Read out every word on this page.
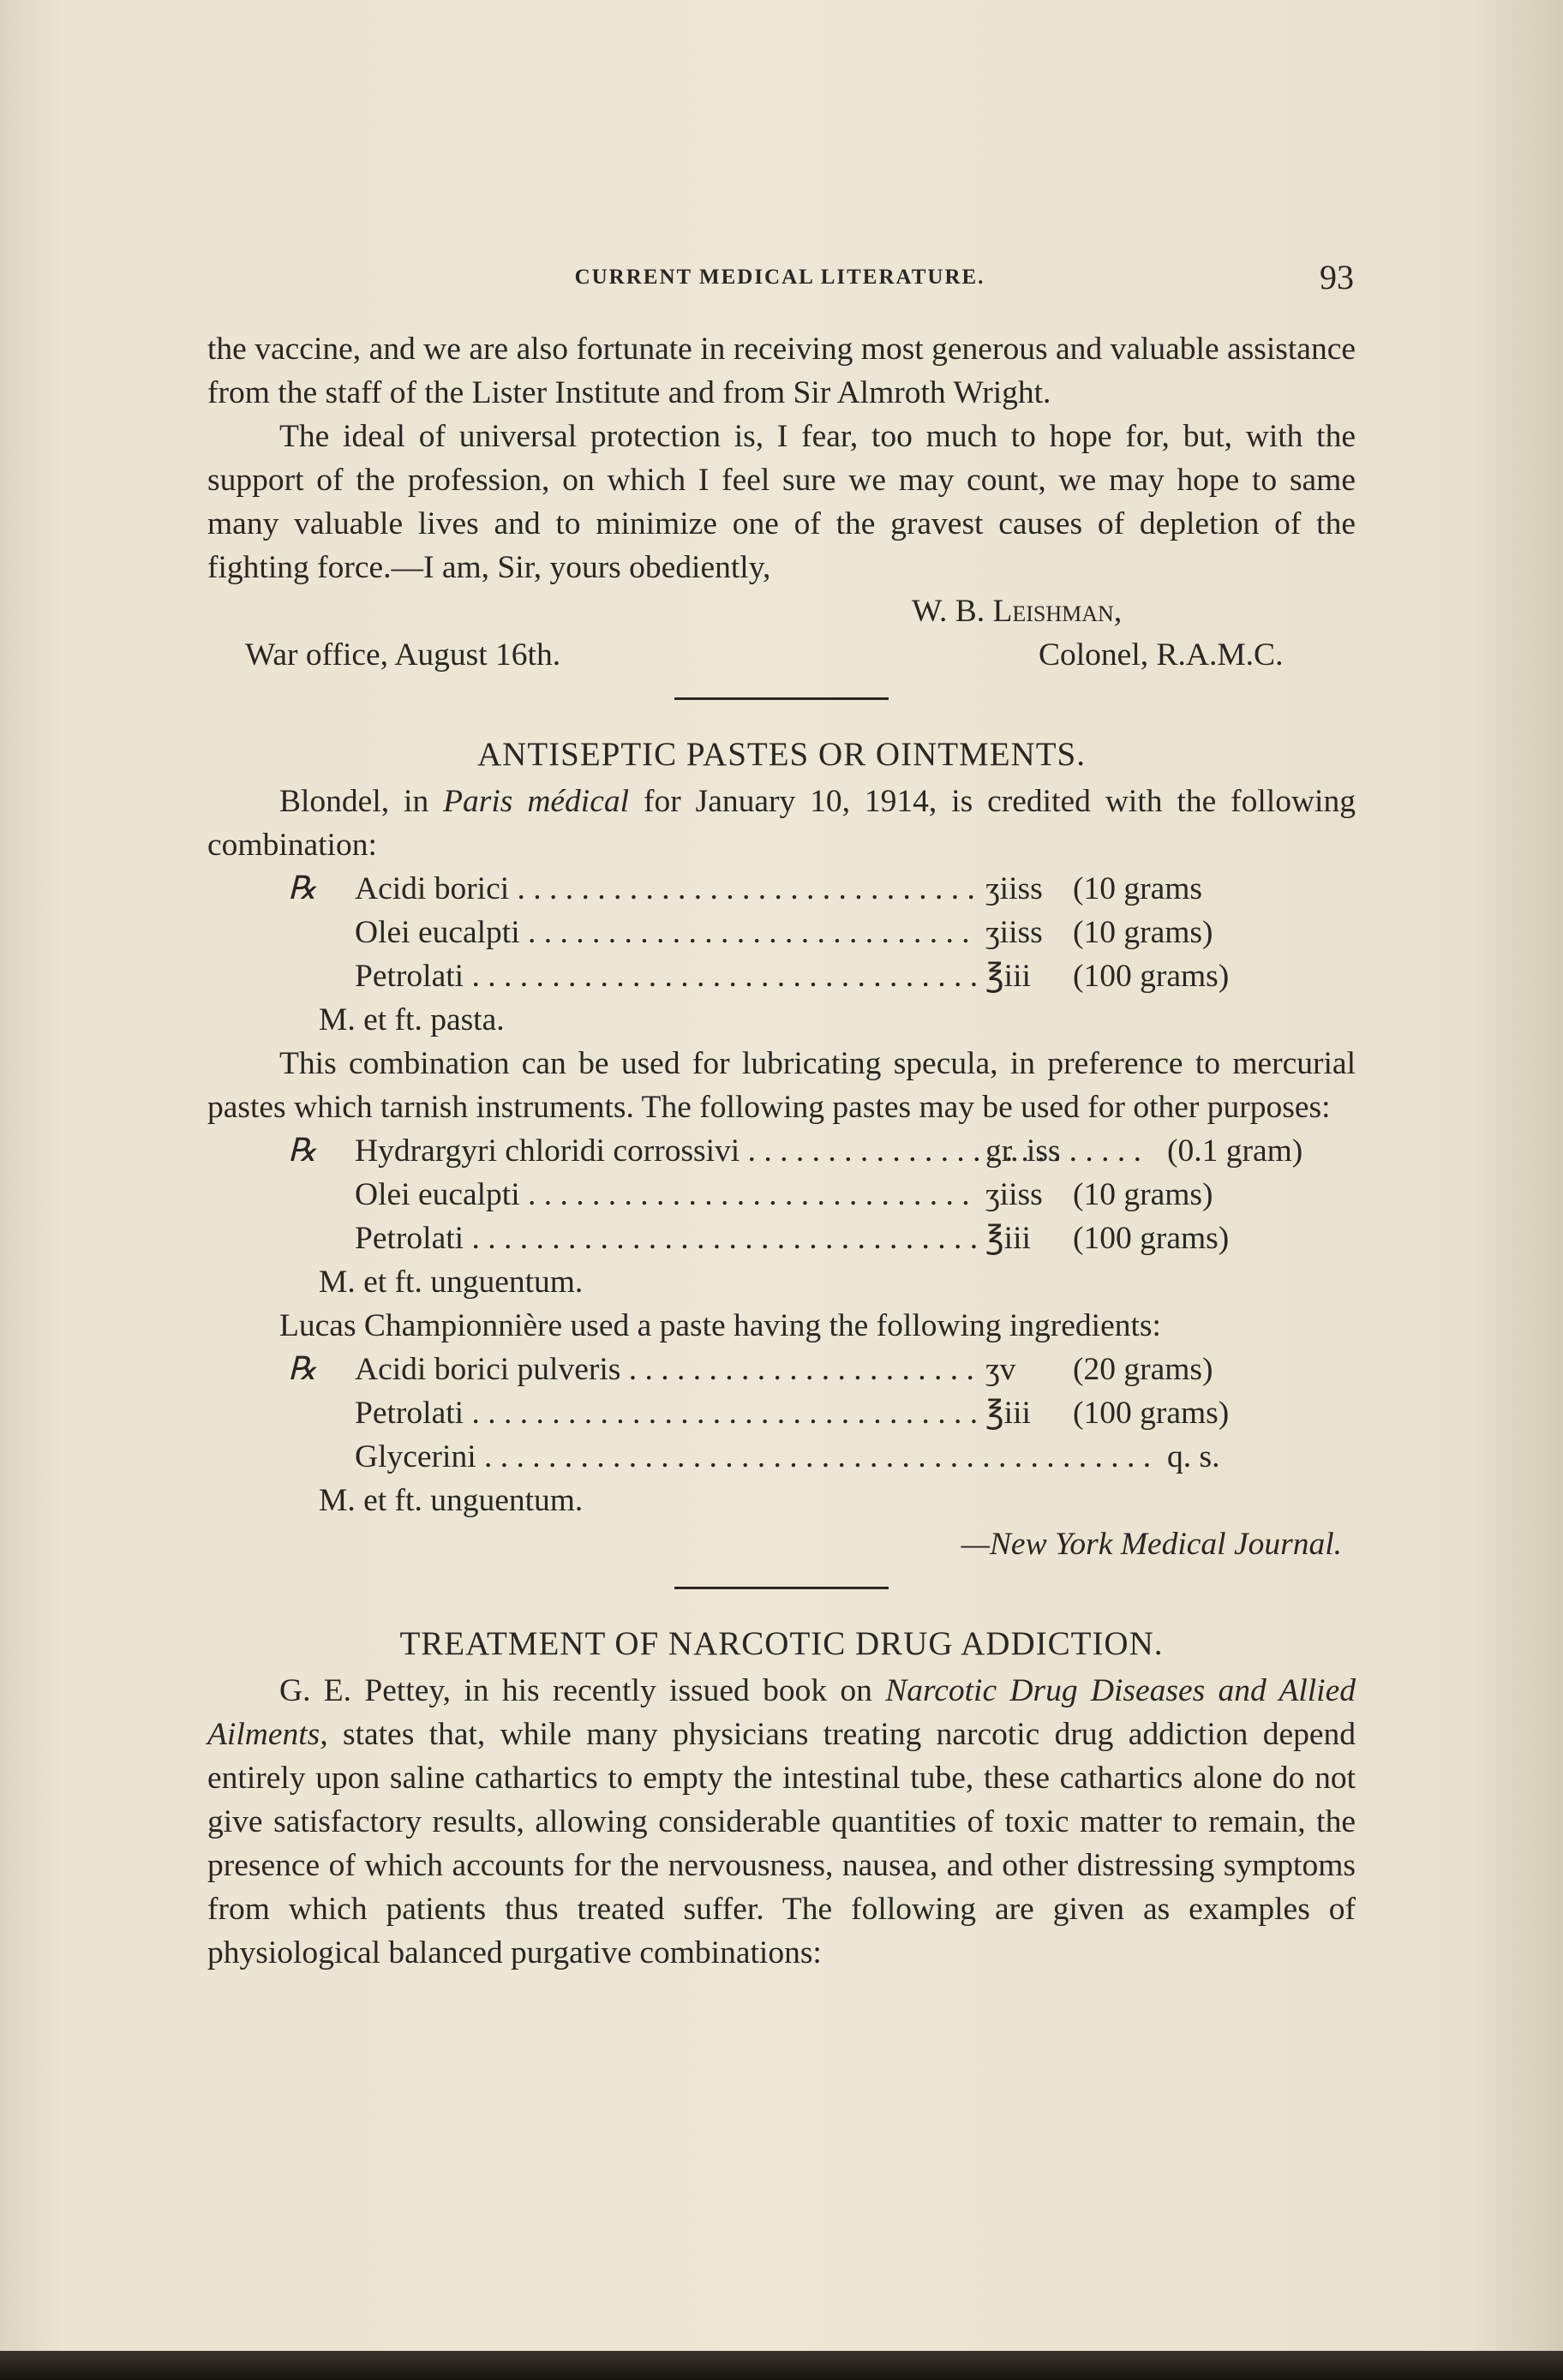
CURRENT MEDICAL LITERATURE.	93

the vaccine, and we are also fortunate in receiving most generous and valuable assistance from the staff of the Lister Institute and from Sir Almroth Wright.

The ideal of universal protection is, I fear, too much to hope for, but, with the support of the profession, on which I feel sure we may count, we may hope to same many valuable lives and to minimize one of the gravest causes of depletion of the fighting force.—I am, Sir, yours obediently,

W. B. Leishman,
War office, August 16th.	Colonel, R.A.M.C.
ANTISEPTIC PASTES OR OINTMENTS.

Blondel, in Paris médical for January 10, 1914, is credited with the following combination:

℞ Acidi borici . . .	ʒiiss (10 grams
Olei eucalpti . . .	ʒiiss (10 grams)
Petrolati . . .	℥iii	(100 grams)
M. et ft. pasta.

This combination can be used for lubricating specula, in preference to mercurial pastes which tarnish instruments. The following pastes may be used for other purposes:

℞ Hydrargyri chloridi corrossivi . . .	gr. iss	(0.1 gram)
Olei eucalpti . . .	ʒiiss (10 grams)
Petrolati . . .	℥iii	(100 grams)
M. et ft. unguentum.

Lucas Championnière used a paste having the following ingredients:

℞ Acidi borici pulveris . . .	ʒv	(20 grams)
Petrolati . . .	℥iii	(100 grams)
Glycerini . . .	q. s.
M. et ft. unguentum.
—New York Medical Journal.
TREATMENT OF NARCOTIC DRUG ADDICTION.

G. E. Pettey, in his recently issued book on Narcotic Drug Diseases and Allied Ailments, states that, while many physicians treating narcotic drug addiction depend entirely upon saline cathartics to empty the intestinal tube, these cathartics alone do not give satisfactory results, allowing considerable quantities of toxic matter to remain, the presence of which accounts for the nervousness, nausea, and other distressing symptoms from which patients thus treated suffer. The following are given as examples of physiological balanced purgative combinations:
